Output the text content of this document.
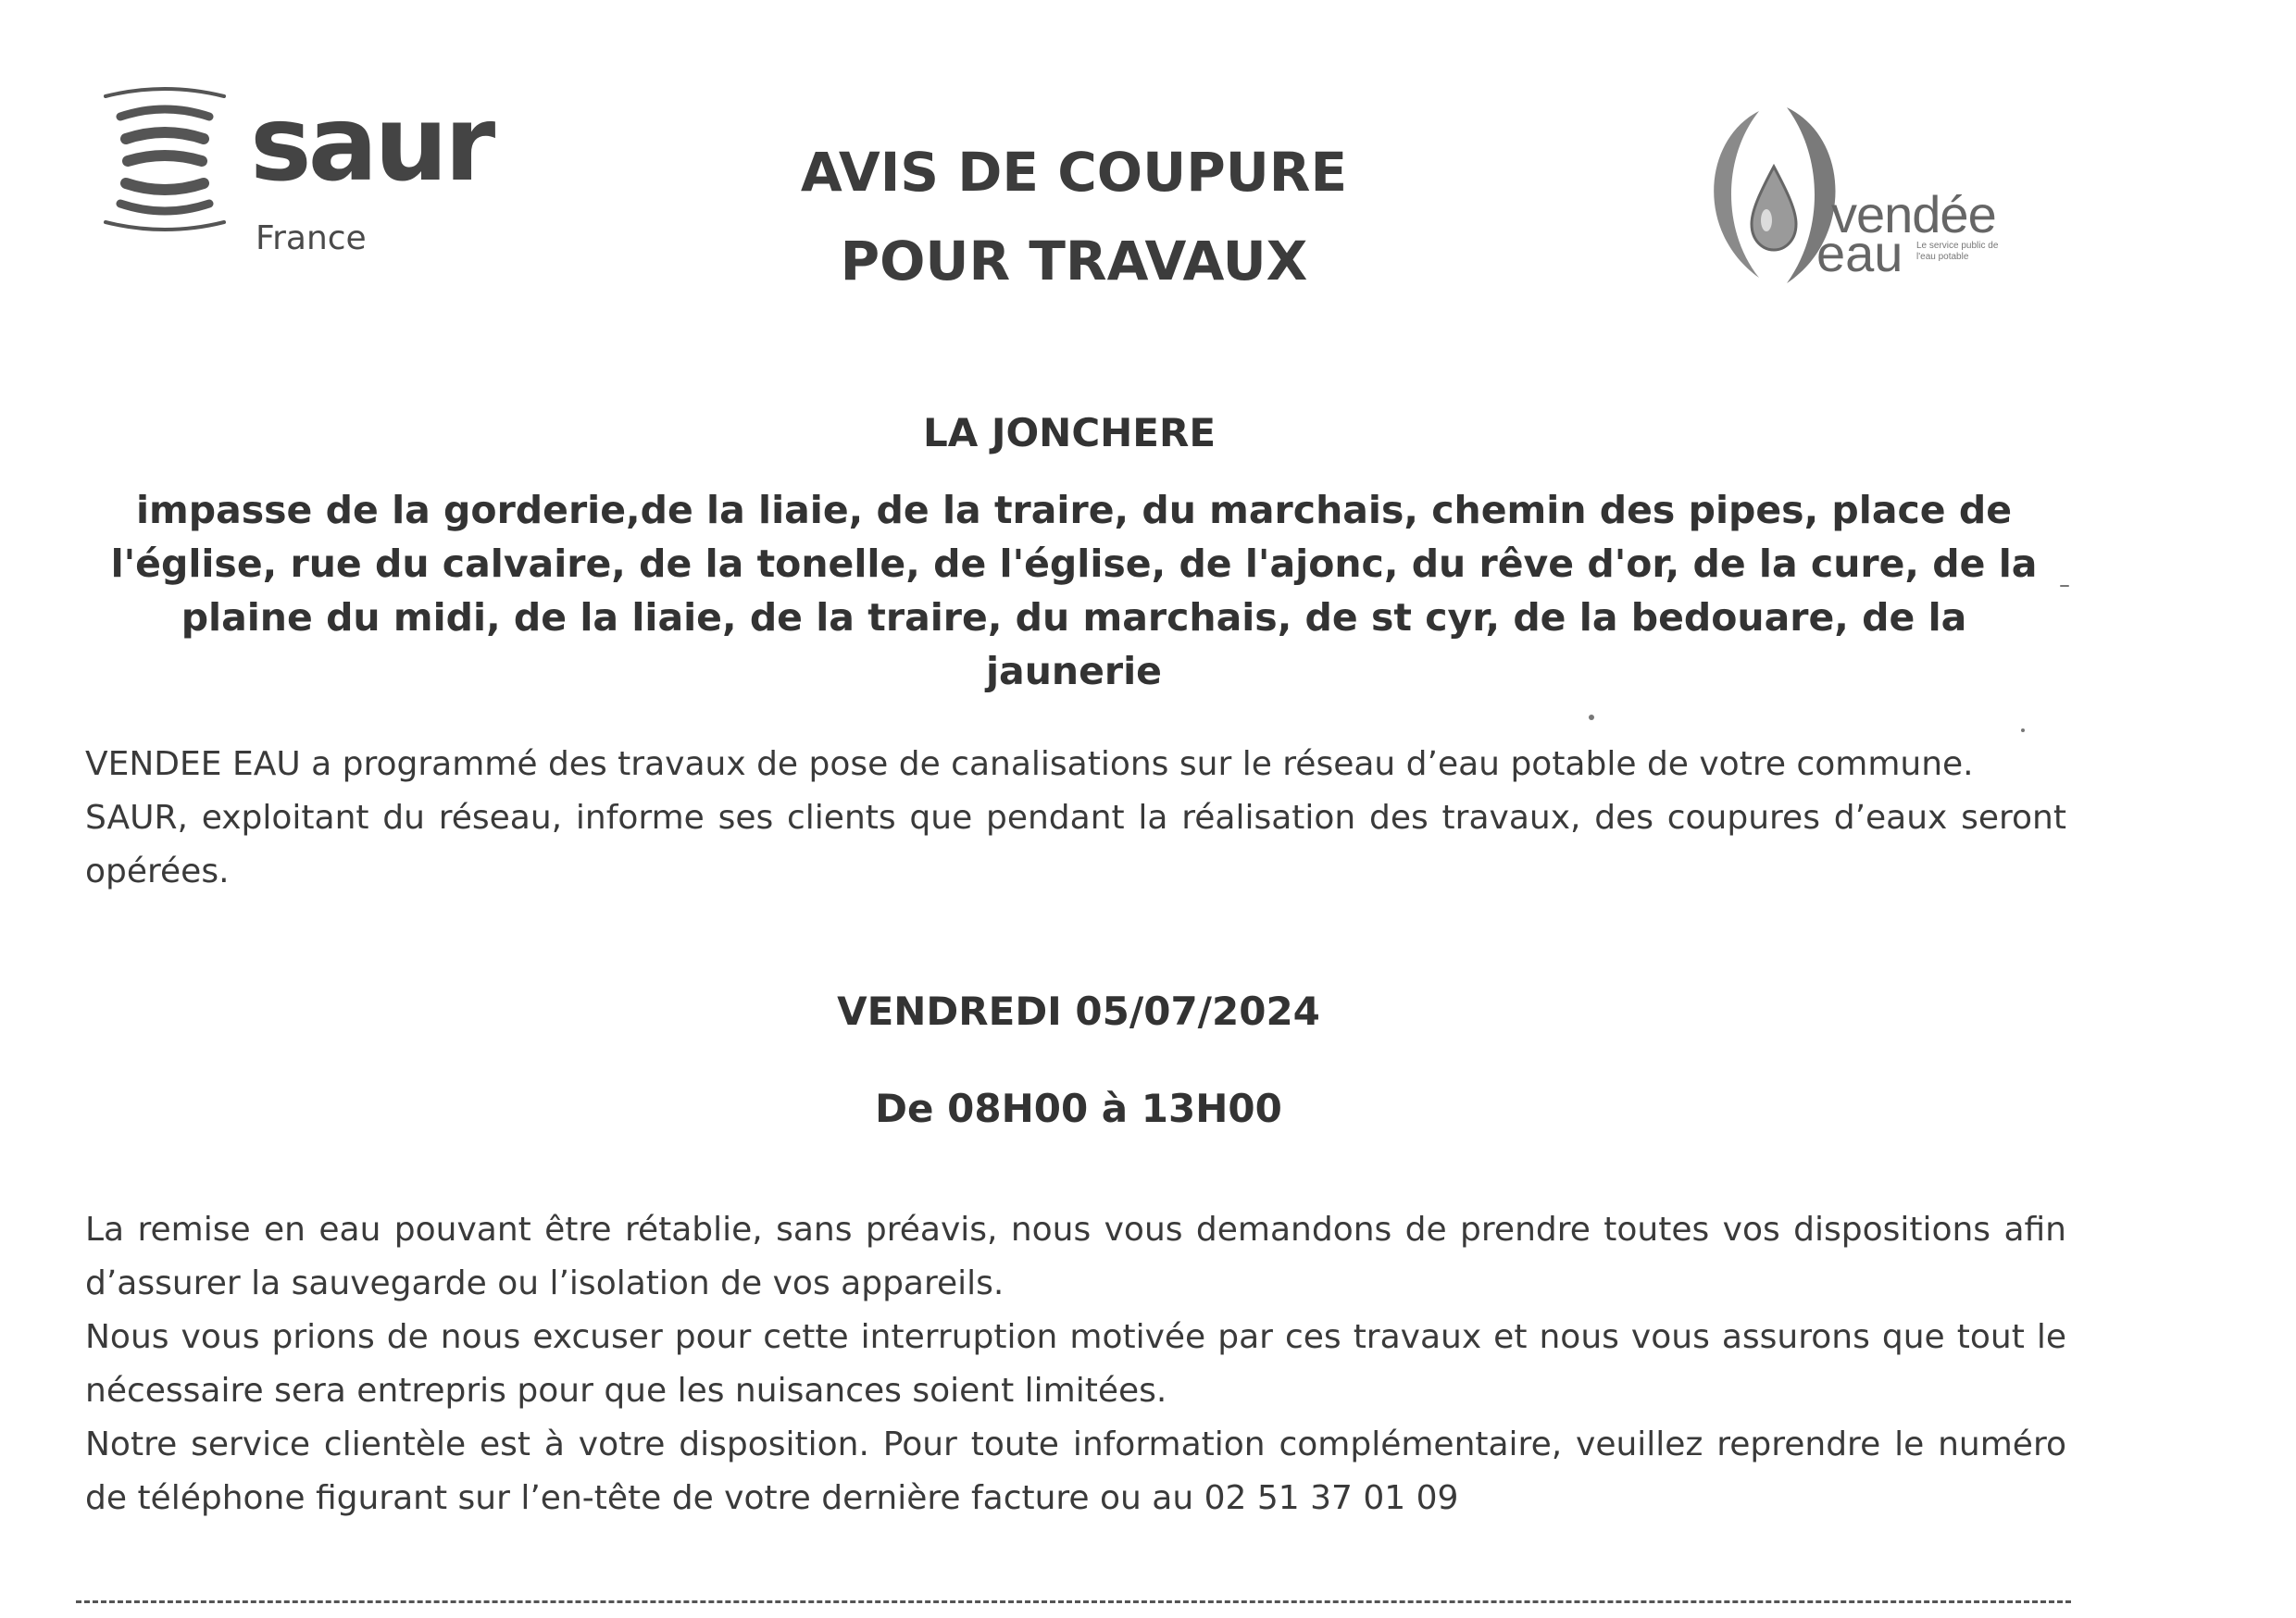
saur
France
AVIS DE COUPURE
POUR TRAVAUX
vendée
eau Le service public de l'eau potable
LA JONCHERE
impasse de la gorderie,de la liaie, de la traire, du marchais, chemin des pipes, place de l'église, rue du calvaire, de la tonelle, de l'église, de l'ajonc, du rêve d'or, de la cure, de la plaine du midi, de la liaie, de la traire, du marchais, de st cyr, de la bedouare, de la jaunerie

VENDEE EAU a programmé des travaux de pose de canalisations sur le réseau d’eau potable de votre commune.

SAUR, exploitant du réseau, informe ses clients que pendant la réalisation des travaux, des coupures d’eaux seront opérées.

VENDREDI 05/07/2024
De 08H00 à 13H00

La remise en eau pouvant être rétablie, sans préavis, nous vous demandons de prendre toutes vos dispositions afin d’assurer la sauvegarde ou l’isolation de vos appareils.

Nous vous prions de nous excuser pour cette interruption motivée par ces travaux et nous vous assurons que tout le nécessaire sera entrepris pour que les nuisances soient limitées.

Notre service clientèle est à votre disposition. Pour toute information complémentaire, veuillez reprendre le numéro de téléphone figurant sur l’en-tête de votre dernière facture ou au 02 51 37 01 09
